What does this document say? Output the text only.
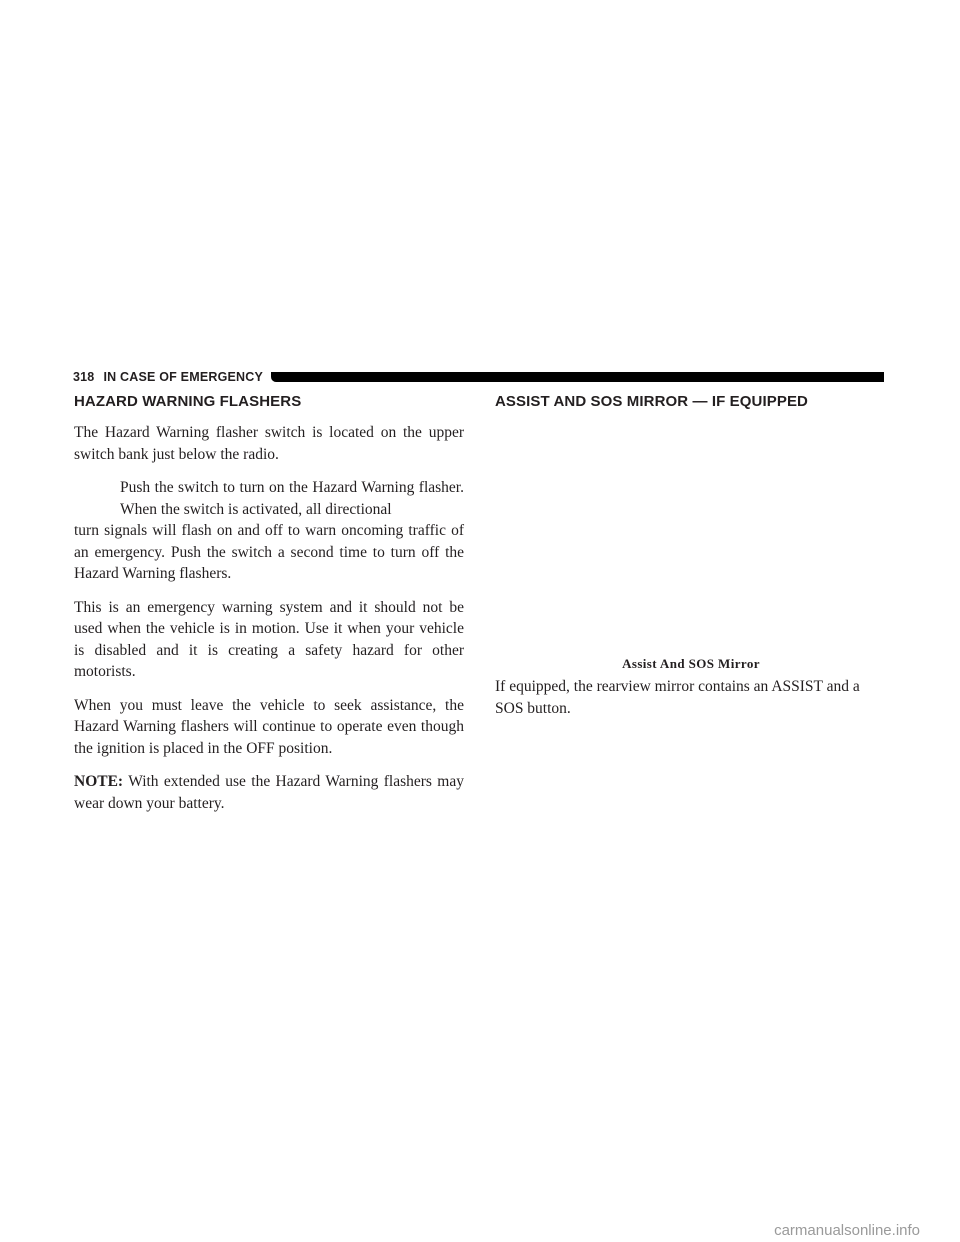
318 IN CASE OF EMERGENCY
HAZARD WARNING FLASHERS

The Hazard Warning flasher switch is located on the upper switch bank just below the radio.

Push the switch to turn on the Hazard Warning flasher. When the switch is activated, all directional
turn signals will flash on and off to warn oncoming traffic of an emergency. Push the switch a second time to turn off the Hazard Warning flashers.

This is an emergency warning system and it should not be used when the vehicle is in motion. Use it when your vehicle is disabled and it is creating a safety hazard for other motorists.

When you must leave the vehicle to seek assistance, the Hazard Warning flashers will continue to operate even though the ignition is placed in the OFF position.

NOTE: With extended use the Hazard Warning flashers may wear down your battery.

ASSIST AND SOS MIRROR — IF EQUIPPED
Assist And SOS Mirror

If equipped, the rearview mirror contains an ASSIST and a SOS button.

carmanualsonline.info
